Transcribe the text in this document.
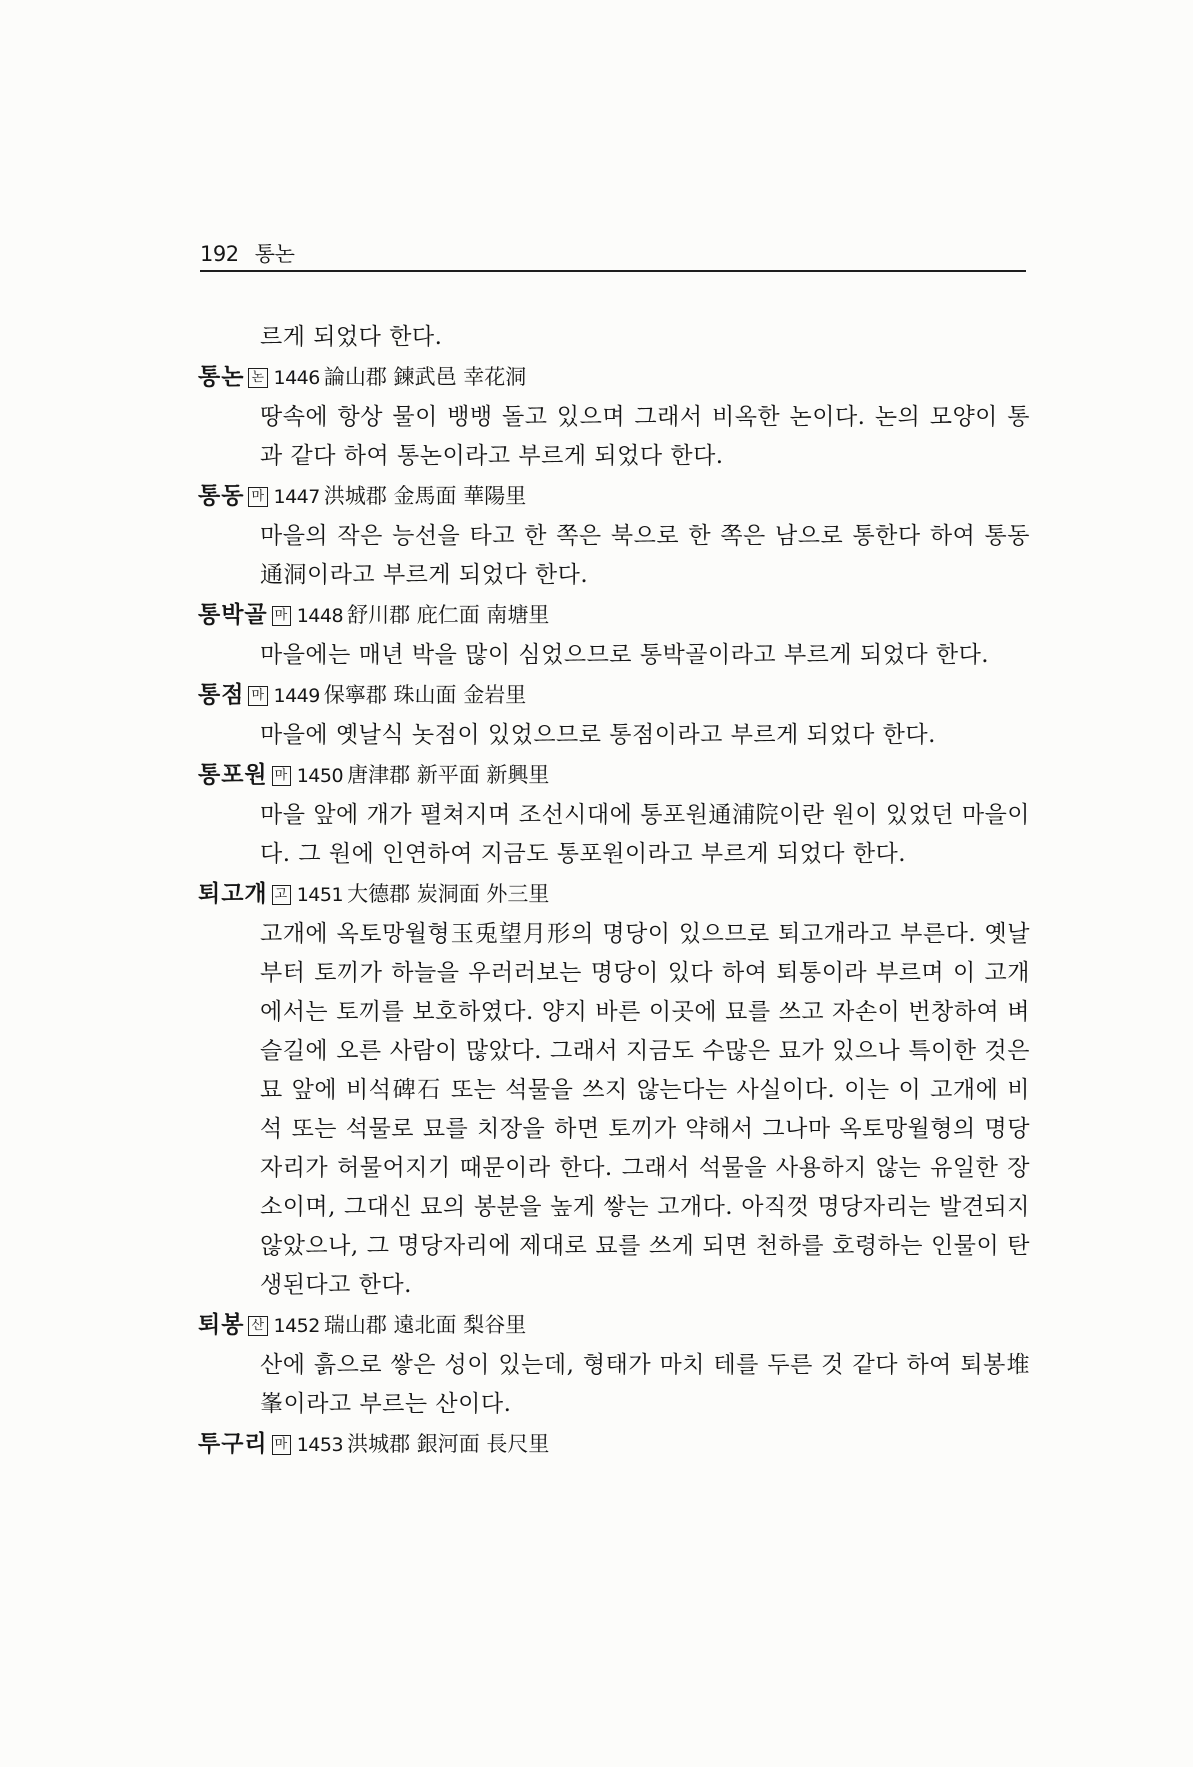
192 통논
르게 되었다 한다.
통논 논 1446 論山郡 鍊武邑 幸花洞
땅속에 항상 물이 뱅뱅 돌고 있으며 그래서 비옥한 논이다. 논의 모양이 통과 같다 하여 통논이라고 부르게 되었다 한다.
통동 마 1447 洪城郡 金馬面 華陽里
마을의 작은 능선을 타고 한 쪽은 북으로 한 쪽은 남으로 통한다 하여 통동通洞이라고 부르게 되었다 한다.
통박골 마 1448 舒川郡 庇仁面 南塘里
마을에는 매년 박을 많이 심었으므로 통박골이라고 부르게 되었다 한다.
통점 마 1449 保寧郡 珠山面 金岩里
마을에 옛날식 놋점이 있었으므로 통점이라고 부르게 되었다 한다.
통포원 마 1450 唐津郡 新平面 新興里
마을 앞에 개가 펼쳐지며 조선시대에 통포원通浦院이란 원이 있었던 마을이다. 그 원에 인연하여 지금도 통포원이라고 부르게 되었다 한다.
퇴고개 고 1451 大德郡 炭洞面 外三里
고개에 옥토망월형玉兎望月形의 명당이 있으므로 퇴고개라고 부른다. 옛날부터 토끼가 하늘을 우러러보는 명당이 있다 하여 퇴통이라 부르며 이 고개에서는 토끼를 보호하였다. 양지 바른 이곳에 묘를 쓰고 자손이 번창하여 벼슬길에 오른 사람이 많았다. 그래서 지금도 수많은 묘가 있으나 특이한 것은 묘 앞에 비석碑石 또는 석물을 쓰지 않는다는 사실이다. 이는 이 고개에 비석 또는 석물로 묘를 치장을 하면 토끼가 약해서 그나마 옥토망월형의 명당자리가 허물어지기 때문이라 한다. 그래서 석물을 사용하지 않는 유일한 장소이며, 그대신 묘의 봉분을 높게 쌓는 고개다. 아직껏 명당자리는 발견되지 않았으나, 그 명당자리에 제대로 묘를 쓰게 되면 천하를 호령하는 인물이 탄생된다고 한다.
퇴봉 산 1452 瑞山郡 遠北面 梨谷里
산에 흙으로 쌓은 성이 있는데, 형태가 마치 테를 두른 것 같다 하여 퇴봉堆峯이라고 부르는 산이다.
투구리 마 1453 洪城郡 銀河面 長尺里
